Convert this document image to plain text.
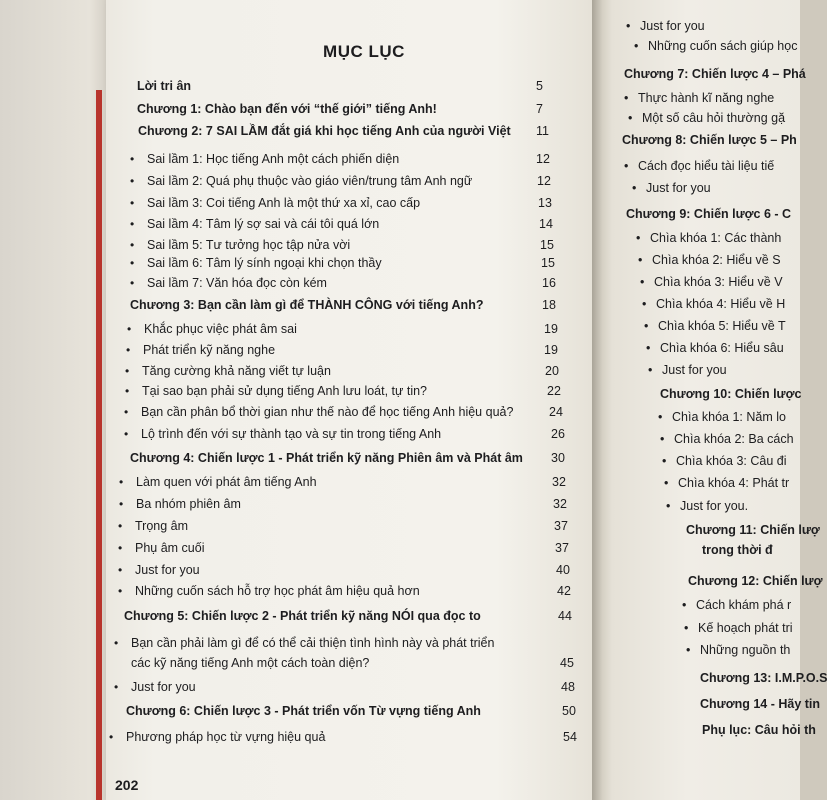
MỤC LỤC
Lời tri ân	5
Chương 1: Chào bạn đến với “thế giới” tiếng Anh!	7
Chương 2: 7 SAI LẦM đắt giá khi học tiếng Anh của người Việt 11
• Sai lầm 1: Học tiếng Anh một cách phiến diện	12
• Sai lầm 2: Quá phụ thuộc vào giáo viên/trung tâm Anh ngữ	12
• Sai lầm 3: Coi tiếng Anh là một thứ xa xỉ, cao cấp	13
• Sai lầm 4: Tâm lý sợ sai và cái tôi quá lớn	14
• Sai lầm 5: Tư tưởng học tập nửa vời	15
• Sai lầm 6: Tâm lý sính ngoại khi chọn thầy	15
• Sai lầm 7: Văn hóa đọc còn kém	16
Chương 3: Bạn cần làm gì để THÀNH CÔNG với tiếng Anh?	18
• Khắc phục việc phát âm sai	19
• Phát triển kỹ năng nghe	19
• Tăng cường khả năng viết tự luận	20
• Tại sao bạn phải sử dụng tiếng Anh lưu loát, tự tin?	22
• Bạn cần phân bổ thời gian như thế nào để học tiếng Anh hiệu quả?	24
• Lộ trình đến với sự thành tạo và sự tin trong tiếng Anh	26
Chương 4: Chiến lược 1 - Phát triển kỹ năng Phiên âm và Phát âm 30
• Làm quen với phát âm tiếng Anh	32
• Ba nhóm phiên âm	32
• Trọng âm	37
• Phụ âm cuối	37
• Just for you	40
• Những cuốn sách hỗ trợ học phát âm hiệu quả hơn	42
Chương 5: Chiến lược 2 - Phát triển kỹ năng NÓI qua đọc to	44
• Bạn cần phải làm gì để có thể cải thiện tình hình này và phát triển
các kỹ năng tiếng Anh một cách toàn diện?	45
• Just for you	48
Chương 6: Chiến lược 3 - Phát triển vốn Từ vựng tiếng Anh	50
• Phương pháp học từ vựng hiệu quả	54
• Just for you
• Những cuốn sách giúp học
Chương 7: Chiến lược 4 – Phá
• Thực hành kĩ năng nghe
• Một số câu hỏi thường gặ
Chương 8: Chiến lược 5 – Ph
• Cách đọc hiểu tài liệu tiế
• Just for you
Chương 9: Chiến lược 6 - C
• Chìa khóa 1: Các thành
• Chìa khóa 2: Hiểu về S
• Chìa khóa 3: Hiểu về V
• Chìa khóa 4: Hiểu về H
• Chìa khóa 5: Hiểu về T
• Chìa khóa 6: Hiểu sâu
• Just for you
Chương 10: Chiến lược
• Chìa khóa 1: Năm lo
• Chìa khóa 2: Ba cách
• Chìa khóa 3: Câu đi
• Chìa khóa 4: Phát tr
• Just for you.
Chương 11: Chiến lượ
trong thời đ
Chương 12: Chiến lượ
• Cách khám phá r
• Kế hoạch phát tri
• Những nguồn th
Chương 13: I.M.P.O.S
Chương 14 - Hãy tin
Phụ lục: Câu hỏi th
202
